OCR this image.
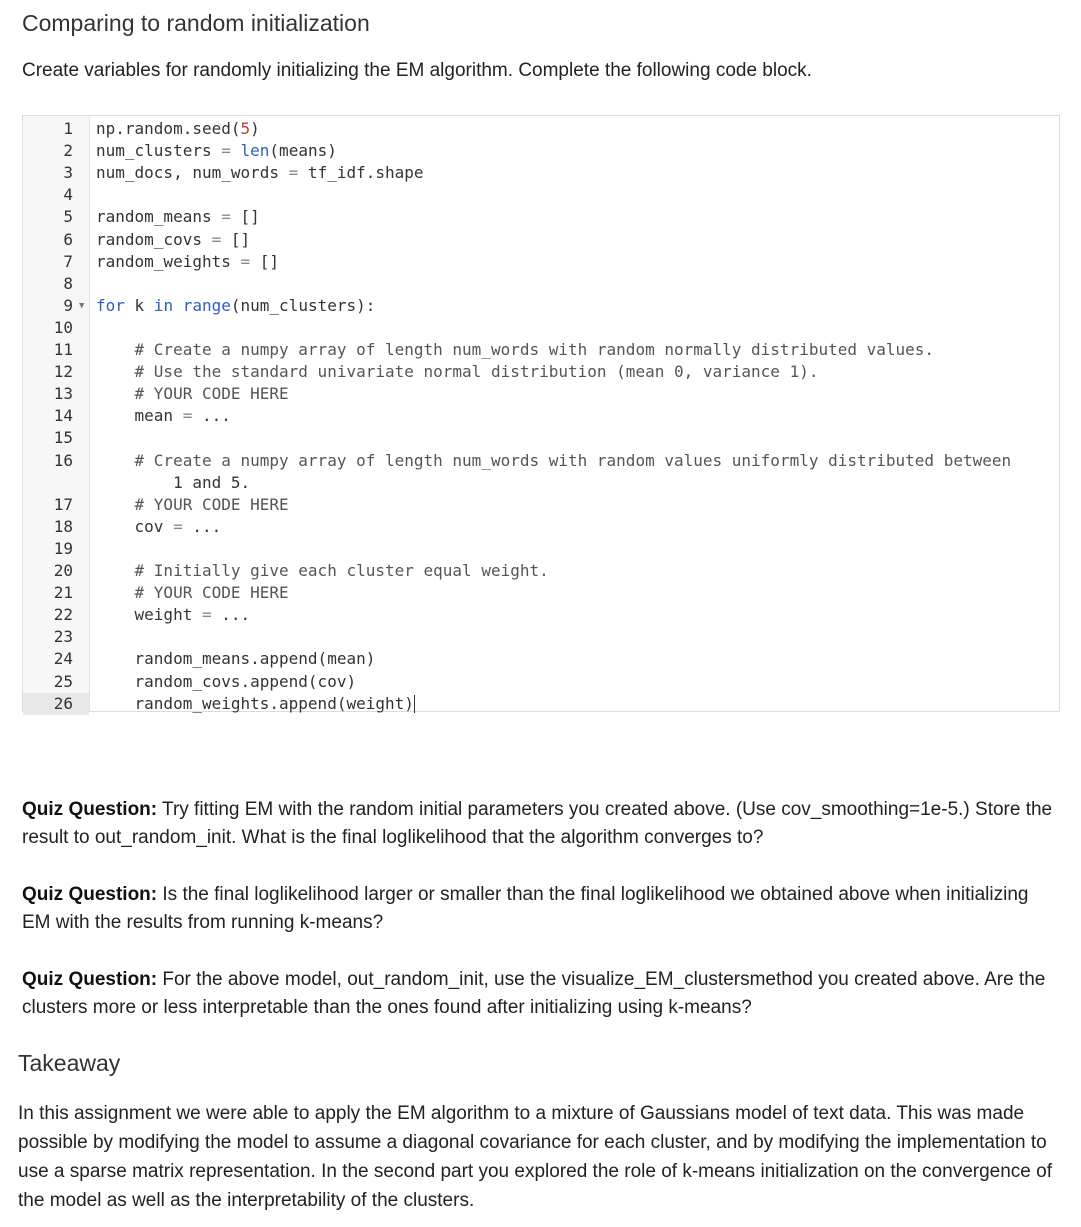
Comparing to random initialization

Create variables for randomly initializing the EM algorithm. Complete the following code block.

1 np.random.seed(5)
2 num_clusters = len(means)
3 num_docs, num_words = tf_idf.shape
4
5 random_means = []
6 random_covs = []
7 random_weights = []
8
9 ▼ for k in range(num_clusters):
10
11 # Create a numpy array of length num_words with random normally distributed values.
12 # Use the standard univariate normal distribution (mean 0, variance 1).
13 # YOUR CODE HERE
14 mean = ...
15
16 # Create a numpy array of length num_words with random values uniformly distributed between
1 and 5.
17 # YOUR CODE HERE
18 cov = ...
19
20 # Initially give each cluster equal weight.
21 # YOUR CODE HERE
22 weight = ...
23
24 random_means.append(mean)
25 random_covs.append(cov)
26	random_weights.append(weight)

Quiz Question: Try fitting EM with the random initial parameters you created above. (Use cov_smoothing=1e-5.) Store the result to out_random_init. What is the final loglikelihood that the algorithm converges to?

Quiz Question: Is the final loglikelihood larger or smaller than the final loglikelihood we obtained above when initializing EM with the results from running k-means?

Quiz Question: For the above model, out_random_init, use the visualize_EM_clustersmethod you created above. Are the clusters more or less interpretable than the ones found after initializing using k-means?

Takeaway

In this assignment we were able to apply the EM algorithm to a mixture of Gaussians model of text data. This was made possible by modifying the model to assume a diagonal covariance for each cluster, and by modifying the implementation to use a sparse matrix representation. In the second part you explored the role of k-means initialization on the convergence of the model as well as the interpretability of the clusters.
